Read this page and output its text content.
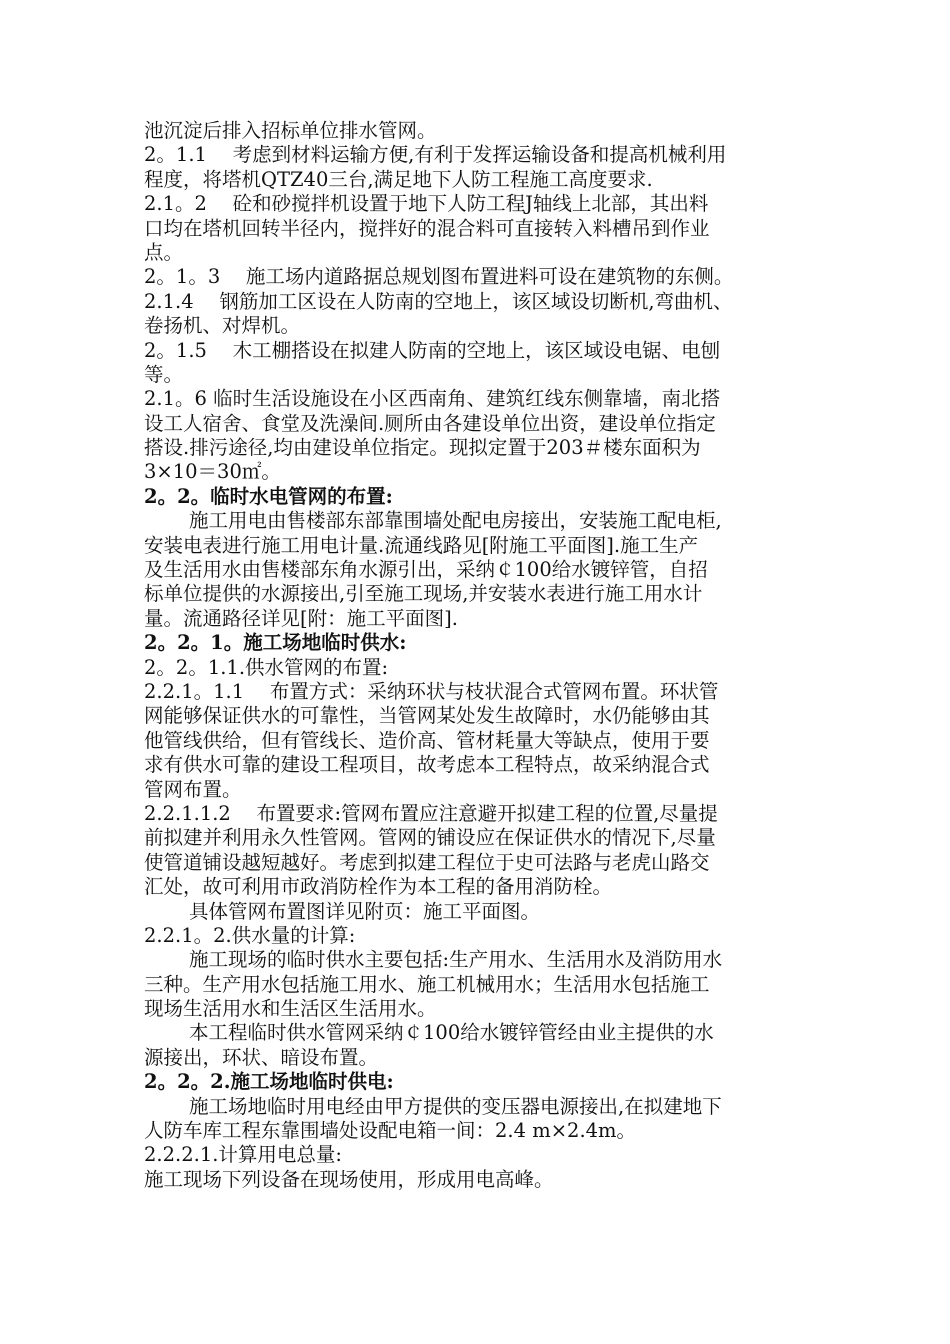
池沉淀后排入招标单位排水管网。
2。1.1　 考虑到材料运输方便,有利于发挥运输设备和提高机械利用
程度，将塔机QTZ40三台,满足地下人防工程施工高度要求.
2.1。2　 砼和砂搅拌机设置于地下人防工程J轴线上北部，其出料
口均在塔机回转半径内，搅拌好的混合料可直接转入料槽吊到作业
点。
2。1。3　 施工场内道路据总规划图布置进料可设在建筑物的东侧。
2.1.4　 钢筋加工区设在人防南的空地上，该区域设切断机,弯曲机、
卷扬机、对焊机。
2。1.5　 木工棚搭设在拟建人防南的空地上，该区域设电锯、电刨
等。
2.1。6 临时生活设施设在小区西南角、建筑红线东侧靠墙，南北搭
设工人宿舍、食堂及洗澡间.厕所由各建设单位出资，建设单位指定
搭设.排污途径,均由建设单位指定。现拟定置于203＃楼东面积为
3×10＝30㎡。
2。2。临时水电管网的布置:
施工用电由售楼部东部靠围墙处配电房接出，安装施工配电柜,
安装电表进行施工用电计量.流通线路见[附施工平面图].施工生产
及生活用水由售楼部东角水源引出，采纳￠100给水镀锌管，自招
标单位提供的水源接出,引至施工现场,并安装水表进行施工用水计
量。流通路径详见[附：施工平面图].
2。2。1。施工场地临时供水:
2。2。1.1.供水管网的布置:
2.2.1。1.1　 布置方式：采纳环状与枝状混合式管网布置。环状管
网能够保证供水的可靠性，当管网某处发生故障时，水仍能够由其
他管线供给，但有管线长、造价高、管材耗量大等缺点，使用于要
求有供水可靠的建设工程项目，故考虑本工程特点，故采纳混合式
管网布置。
2.2.1.1.2　 布置要求:管网布置应注意避开拟建工程的位置,尽量提
前拟建并利用永久性管网。管网的铺设应在保证供水的情况下,尽量
使管道铺设越短越好。考虑到拟建工程位于史可法路与老虎山路交
汇处，故可利用市政消防栓作为本工程的备用消防栓。
具体管网布置图详见附页：施工平面图。
2.2.1。2.供水量的计算:
施工现场的临时供水主要包括:生产用水、生活用水及消防用水
三种。生产用水包括施工用水、施工机械用水；生活用水包括施工
现场生活用水和生活区生活用水。
本工程临时供水管网采纳￠100给水镀锌管经由业主提供的水
源接出，环状、暗设布置。
2。2。2.施工场地临时供电:
施工场地临时用电经由甲方提供的变压器电源接出,在拟建地下
人防车库工程东靠围墙处设配电箱一间：2.4 m×2.4m。
2.2.2.1.计算用电总量:
施工现场下列设备在现场使用，形成用电高峰。
